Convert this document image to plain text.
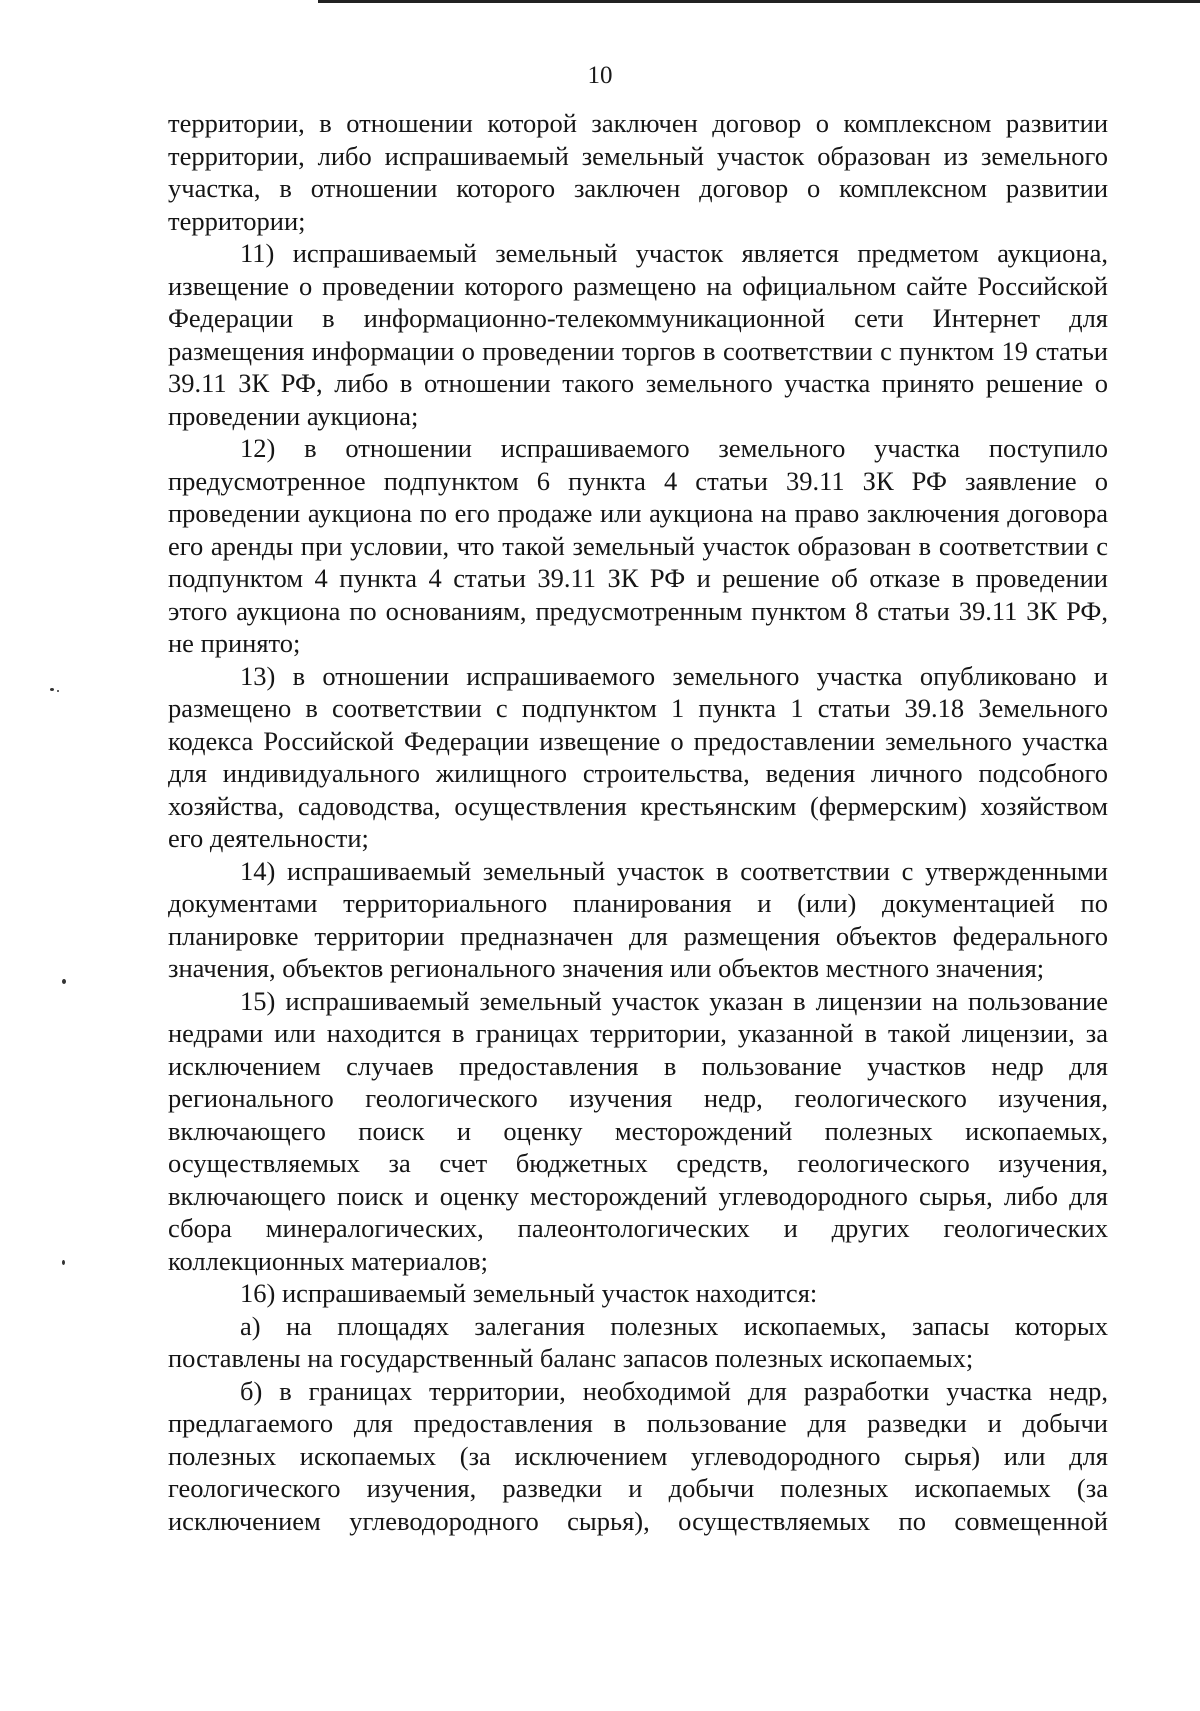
10

территории, в отношении которой заключен договор о комплексном развитии территории, либо испрашиваемый земельный участок образован из земельного участка, в отношении которого заключен договор о комплексном развитии территории;

11) испрашиваемый земельный участок является предметом аукциона, извещение о проведении которого размещено на официальном сайте Российской Федерации в информационно-телекоммуникационной сети Интернет для размещения информации о проведении торгов в соответствии с пунктом 19 статьи 39.11 ЗК РФ, либо в отношении такого земельного участка принято решение о проведении аукциона;

12) в отношении испрашиваемого земельного участка поступило предусмотренное подпунктом 6 пункта 4 статьи 39.11 ЗК РФ заявление о проведении аукциона по его продаже или аукциона на право заключения договора его аренды при условии, что такой земельный участок образован в соответствии с подпунктом 4 пункта 4 статьи 39.11 ЗК РФ и решение об отказе в проведении этого аукциона по основаниям, предусмотренным пунктом 8 статьи 39.11 ЗК РФ, не принято;

13) в отношении испрашиваемого земельного участка опубликовано и размещено в соответствии с подпунктом 1 пункта 1 статьи 39.18 Земельного кодекса Российской Федерации извещение о предоставлении земельного участка для индивидуального жилищного строительства, ведения личного подсобного хозяйства, садоводства, осуществления крестьянским (фермерским) хозяйством его деятельности;

14) испрашиваемый земельный участок в соответствии с утвержденными документами территориального планирования и (или) документацией по планировке территории предназначен для размещения объектов федерального значения, объектов регионального значения или объектов местного значения;

15) испрашиваемый земельный участок указан в лицензии на пользование недрами или находится в границах территории, указанной в такой лицензии, за исключением случаев предоставления в пользование участков недр для регионального геологического изучения недр, геологического изучения, включающего поиск и оценку месторождений полезных ископаемых, осуществляемых за счет бюджетных средств, геологического изучения, включающего поиск и оценку месторождений углеводородного сырья, либо для сбора минералогических, палеонтологических и других геологических коллекционных материалов;

16) испрашиваемый земельный участок находится:

а) на площадях залегания полезных ископаемых, запасы которых поставлены на государственный баланс запасов полезных ископаемых;

б) в границах территории, необходимой для разработки участка недр, предлагаемого для предоставления в пользование для разведки и добычи полезных ископаемых (за исключением углеводородного сырья) или для геологического изучения, разведки и добычи полезных ископаемых (за исключением углеводородного сырья), осуществляемых по совмещенной
